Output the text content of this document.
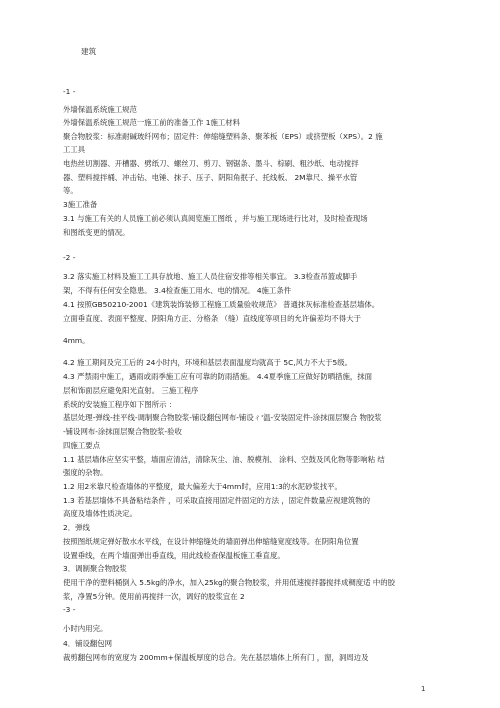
建筑
-1 -
外墙保温系统施工规范
外墙保温系统施工规范一施工前的准备工作 1施工材料
聚合物胶浆：标准耐碱玻纤网布；固定件：伸缩缝塑料条、聚苯板（EPS）或挤塑板（XPS）。2 施
工工具
电热丝切割器、开槽器、劈纸刀、螺丝刀、剪刀、钢锯条、墨斗、棕刷、粗沙纸、电动搅拌
器、塑料搅拌桶、冲击钻、电锤、抹子、压子、阴阳角抿子、托线板、 2M靠尺、操平水管
等。
3施工准备
3.1 与施工有关的人员施工前必须认真阅览施工图纸 ，并与施工现场进行比对，及时检查现场
和图纸变更的情况。
-2 -
3.2 落实施工材料及施工工具存放地、施工人员住宿安排等相关事宜。 3.3检查吊篮或脚手
架，不得有任何安全隐患。 3.4检查施工用水、电的情况。 4施工条件
4.1 按照GB50210-2001《建筑装饰装修工程施工质量验收规范》 普通抹灰标准检查基层墙体。
立面垂直度、表面平整度、阴阳角方正、分格条 （缝）直线度等项目的允许偏差均不得大于
4mm。
4.2 施工期间及完工后的 24小时内，环境和基层表面温度均就高于 5C,风力不大于5级。
4.3 严禁雨中施工，遇雨或雨季施工应有可靠的防雨措施。 4.4夏季施工应做好防晒措施，抹面
层和饰面层应避免阳光直射。 三施工程序
系统的安装施工程序如下图所示 ：
基层处理-弹线-挂平线-调制聚合物胶浆-铺设翻包网布-铺设ㄔ'温-安装固定件-涂抹面层聚合 物胶浆
-铺设网布-涂抹面层聚合物胶浆-验收
四施工要点
1.1 基层墙体应坚实平整，墙面应清洁，清除灰尘、油、脱模剂、 涂料、空鼓及风化物等影响粘 结
强度的杂物。
1.2 用2米靠尺检查墙体的平整度，最大偏差大于4mm时，应用1:3的水泥砂浆找平。
1.3 若基层墙体不具备粘结条件 ，可采取直接用固定件固定的方法 ，固定件数量应视建筑物的
高度及墙体性质决定。
2．弹线
按照图纸规定弹好散水水平线，在设计伸缩缝处的墙面弹出伸缩缝宽度线等。在阴阳角位置
设置垂线，在两个墙面弹出垂直线，用此线检查保温板施工垂直度。
3．调制聚合物胶浆
使用干净的塑料桶倒入 5.5kg的净水，加入25kg的聚合物胶浆，并用低速搅拌器搅拌成稠度适 中的胶
浆，净置5分钟。使用前再搅拌一次，调好的胶浆宜在 2
-3 -
小时内用完。
4．铺设翻包网
裁剪翻包网布的宽度为 200mm+保温板厚度的总合。先在基层墙体上所有门 ，窗，洞周边及
1
